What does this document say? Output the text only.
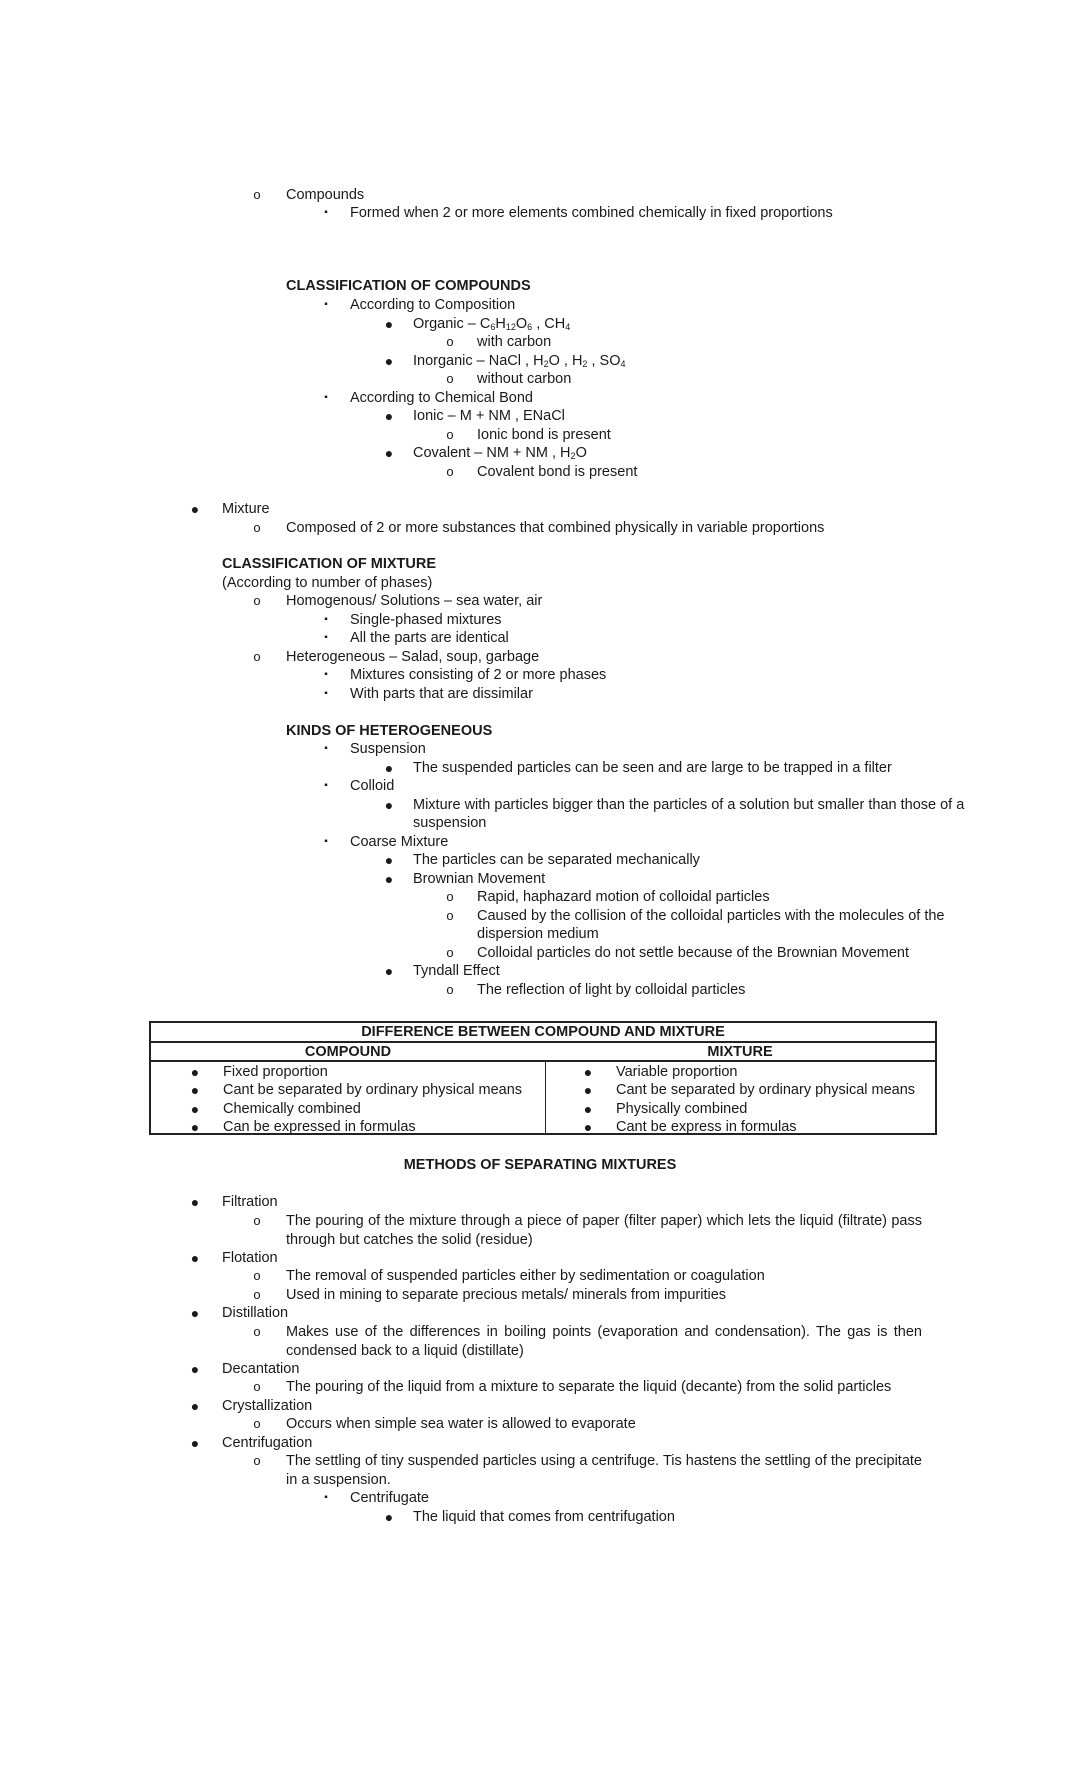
o Compounds
▪ Formed when 2 or more elements combined chemically in fixed proportions
CLASSIFICATION OF COMPOUNDS
▪ According to Composition
● Organic – $C_6H_{12}O_6$ , $CH_4$
o with carbon
● Inorganic – NaCl , $H_2O$ , $H_2$ , $SO_4$
o without carbon
▪ According to Chemical Bond
● Ionic – M + NM , ENaCl
o Ionic bond is present
● Covalent – NM + NM , $H_2O$
o Covalent bond is present
● Mixture
o Composed of 2 or more substances that combined physically in variable proportions
CLASSIFICATION OF MIXTURE
(According to number of phases)
o Homogenous/ Solutions – sea water, air
▪ Single-phased mixtures
▪ All the parts are identical
o Heterogeneous – Salad, soup, garbage
▪ Mixtures consisting of 2 or more phases
▪ With parts that are dissimilar
KINDS OF HETEROGENEOUS
▪ Suspension
● The suspended particles can be seen and are large to be trapped in a filter
▪ Colloid
● Mixture with particles bigger than the particles of a solution but smaller than those of a
suspension
▪ Coarse Mixture
● The particles can be separated mechanically
● Brownian Movement
o Rapid, haphazard motion of colloidal particles
o Caused by the collision of the colloidal particles with the molecules of the
dispersion medium
o Colloidal particles do not settle because of the Brownian Movement
● Tyndall Effect
o The reflection of light by colloidal particles
DIFFERENCE BETWEEN COMPOUND AND MIXTURE
COMPOUND	MIXTURE
● Fixed proportion
● Cant be separated by ordinary physical means
● Chemically combined
● Can be expressed in formulas
● Variable proportion
● Cant be separated by ordinary physical means
● Physically combined
● Cant be express in formulas
METHODS OF SEPARATING MIXTURES
● Filtration
o The pouring of the mixture through a piece of paper (filter paper) which lets the liquid (filtrate) pass through but catches the solid (residue)
● Flotation
o The removal of suspended particles either by sedimentation or coagulation
o Used in mining to separate precious metals/ minerals from impurities
● Distillation
o Makes use of the differences in boiling points (evaporation and condensation). The gas is then condensed back to a liquid (distillate)
● Decantation
o The pouring of the liquid from a mixture to separate the liquid (decante) from the solid particles
● Crystallization
o Occurs when simple sea water is allowed to evaporate
● Centrifugation
o The settling of tiny suspended particles using a centrifuge. Tis hastens the settling of the precipitate in a suspension.
▪ Centrifugate
● The liquid that comes from centrifugation
